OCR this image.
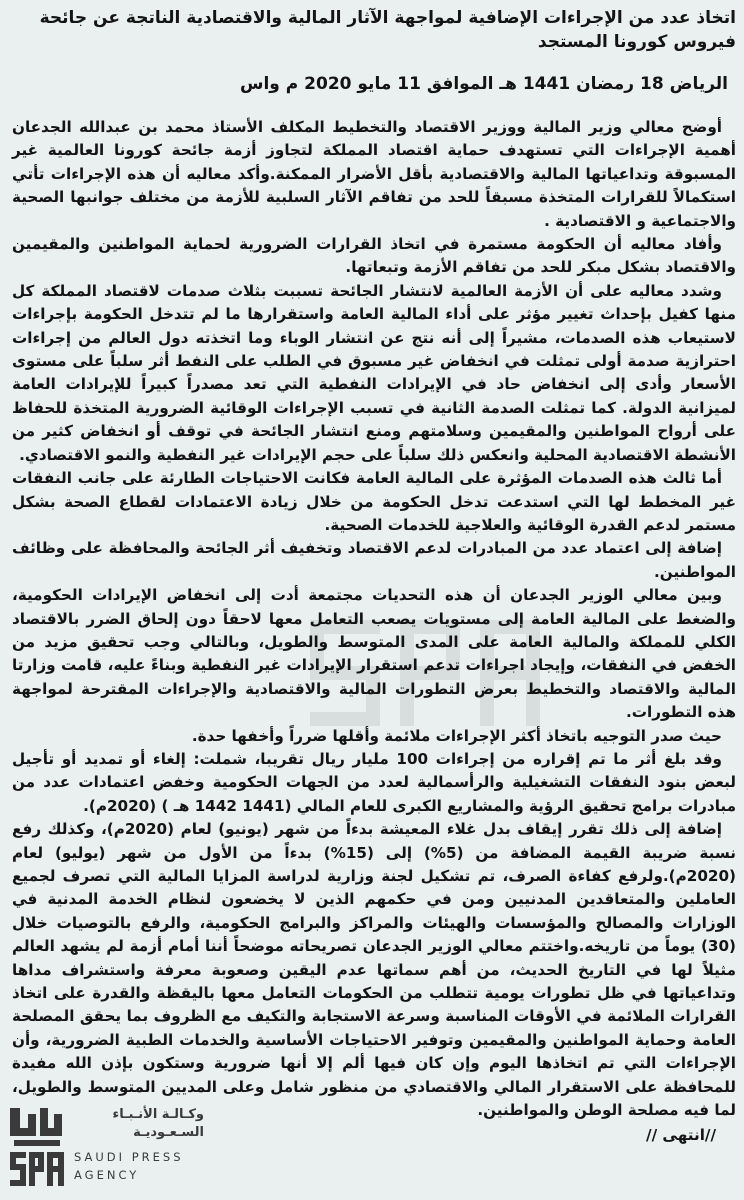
اتخاذ عدد من الإجراءات الإضافية لمواجهة الآثار المالية والاقتصادية الناتجة عن جائحة فيروس كورونا المستجد
الرياض 18 رمضان 1441 هـ الموافق 11 مايو 2020 م واس

أوضح معالي وزير المالية ووزير الاقتصاد والتخطيط المكلف الأستاذ محمد بن عبدالله الجدعان أهمية الإجراءات التي تستهدف حماية اقتصاد المملكة لتجاوز أزمة جائحة كورونا العالمية غير المسبوقة وتداعياتها المالية والاقتصادية بأقل الأضرار الممكنة.وأكد معاليه أن هذه الإجراءات تأتي استكمالاً للقرارات المتخذة مسبقاً للحد من تفاقم الآثار السلبية للأزمة من مختلف جوانبها الصحية والاجتماعية و الاقتصادية .

وأفاد معاليه أن الحكومة مستمرة في اتخاذ القرارات الضرورية لحماية المواطنين والمقيمين والاقتصاد بشكل مبكر للحد من تفاقم الأزمة وتبعاتها.

وشدد معاليه على أن الأزمة العالمية لانتشار الجائحة تسببت بثلاث صدمات لاقتصاد المملكة كل منها كفيل بإحداث تغيير مؤثر على أداء المالية العامة واستقرارها ما لم تتدخل الحكومة بإجراءات لاستيعاب هذه الصدمات، مشيراً إلى أنه نتج عن انتشار الوباء وما اتخذته دول العالم من إجراءات احترازية صدمة أولى تمثلت في انخفاض غير مسبوق في الطلب على النفط أثر سلباً على مستوى الأسعار وأدى إلى انخفاض حاد في الإيرادات النفطية التي تعد مصدراً كبيراً للإيرادات العامة لميزانية الدولة. كما تمثلت الصدمة الثانية في تسبب الإجراءات الوقائية الضرورية المتخذة للحفاظ على أرواح المواطنين والمقيمين وسلامتهم ومنع انتشار الجائحة في توقف أو انخفاض كثير من الأنشطة الاقتصادية المحلية وانعكس ذلك سلباً على حجم الإيرادات غير النفطية والنمو الاقتصادي.

أما ثالث هذه الصدمات المؤثرة على المالية العامة فكانت الاحتياجات الطارئة على جانب النفقات غير المخطط لها التي استدعت تدخل الحكومة من خلال زيادة الاعتمادات لقطاع الصحة بشكل مستمر لدعم القدرة الوقائية والعلاجية للخدمات الصحية.

إضافة إلى اعتماد عدد من المبادرات لدعم الاقتصاد وتخفيف أثر الجائحة والمحافظة على وظائف المواطنين.

وبين معالي الوزير الجدعان أن هذه التحديات مجتمعة أدت إلى انخفاض الإيرادات الحكومية، والضغط على المالية العامة إلى مستويات يصعب التعامل معها لاحقاً دون إلحاق الضرر بالاقتصاد الكلي للمملكة والمالية العامة على المدى المتوسط والطويل، وبالتالي وجب تحقيق مزيد من الخفض في النفقات، وإيجاد اجراءات تدعم استقرار الإيرادات غير النفطية وبناءً عليه، قامت وزارتا المالية والاقتصاد والتخطيط بعرض التطورات المالية والاقتصادية والإجراءات المقترحة لمواجهة هذه التطورات.

حيث صدر التوجيه باتخاذ أكثر الإجراءات ملائمة وأقلها ضرراً وأخفها حدة.

وقد بلغ أثر ما تم إقراره من إجراءات 100 مليار ريال تقريبا، شملت: إلغاء أو تمديد أو تأجيل لبعض بنود النفقات التشغيلية والرأسمالية لعدد من الجهات الحكومية وخفض اعتمادات عدد من مبادرات برامج تحقيق الرؤية والمشاريع الكبرى للعام المالي (1441 1442 هـ ) (2020م).

إضافة إلى ذلك تقرر إيقاف بدل غلاء المعيشة بدءاً من شهر (يونيو) لعام (2020م)، وكذلك رفع نسبة ضريبة القيمة المضافة من (5%) إلى (15%) بدءاً من الأول من شهر (يوليو) لعام (2020م).ولرفع كفاءة الصرف، تم تشكيل لجنة وزارية لدراسة المزايا المالية التي تصرف لجميع العاملين والمتعاقدين المدنيين ومن في حكمهم الذين لا يخضعون لنظام الخدمة المدنية في الوزارات والمصالح والمؤسسات والهيئات والمراكز والبرامج الحكومية، والرفع بالتوصيات خلال (30) يوماً من تاريخه.واختتم معالي الوزير الجدعان تصريحاته موضحاً أننا أمام أزمة لم يشهد العالم مثيلاً لها في التاريخ الحديث، من أهم سماتها عدم اليقين وصعوبة معرفة واستشراف مداها وتداعياتها في ظل تطورات يومية تتطلب من الحكومات التعامل معها باليقظة والقدرة على اتخاذ القرارات الملائمة في الأوقات المناسبة وسرعة الاستجابة والتكيف مع الظروف بما يحقق المصلحة العامة وحماية المواطنين والمقيمين وتوفير الاحتياجات الأساسية والخدمات الطبية الضرورية، وأن الإجراءات التي تم اتخاذها اليوم وإن كان فيها ألم إلا أنها ضرورية وستكون بإذن الله مفيدة للمحافظة على الاستقرار المالي والاقتصادي من منظور شامل وعلى المديين المتوسط والطويل، لما فيه مصلحة الوطن والمواطنين.

//انتهى //

وكـالـة الأنـبـاء
السـعـوديـة
SAUDI PRESS
AGENCY
